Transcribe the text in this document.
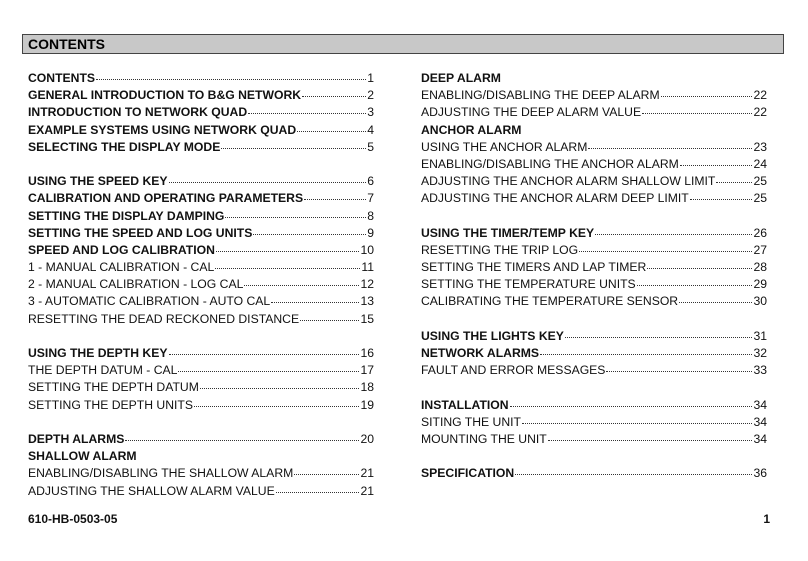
CONTENTS
CONTENTS	1
GENERAL INTRODUCTION TO B&G NETWORK	2
INTRODUCTION TO NETWORK QUAD	3
EXAMPLE SYSTEMS USING NETWORK QUAD	4
SELECTING THE DISPLAY MODE	5
USING THE SPEED KEY	6
CALIBRATION AND OPERATING PARAMETERS	7
SETTING THE DISPLAY DAMPING	8
SETTING THE SPEED AND LOG UNITS	9
SPEED AND LOG CALIBRATION	10
1 - MANUAL CALIBRATION - CAL	11
2 - MANUAL CALIBRATION - LOG CAL	12
3 - AUTOMATIC CALIBRATION - AUTO CAL	13
RESETTING THE DEAD RECKONED DISTANCE	15
USING THE DEPTH KEY	16
THE DEPTH DATUM - CAL	17
SETTING THE DEPTH DATUM	18
SETTING THE DEPTH UNITS	19
DEPTH ALARMS	20
SHALLOW ALARM
ENABLING/DISABLING THE SHALLOW ALARM	21
ADJUSTING THE SHALLOW ALARM VALUE	21
DEEP ALARM
ENABLING/DISABLING THE DEEP ALARM	22
ADJUSTING THE DEEP ALARM VALUE	22
ANCHOR ALARM
USING THE ANCHOR ALARM	23
ENABLING/DISABLING THE ANCHOR ALARM	24
ADJUSTING THE ANCHOR ALARM SHALLOW LIMIT	25
ADJUSTING THE ANCHOR ALARM DEEP LIMIT	25
USING THE TIMER/TEMP KEY	26
RESETTING THE TRIP LOG	27
SETTING THE TIMERS AND LAP TIMER	28
SETTING THE TEMPERATURE UNITS	29
CALIBRATING THE TEMPERATURE SENSOR	30
USING THE LIGHTS KEY	31
NETWORK ALARMS	32
FAULT AND ERROR MESSAGES	33
INSTALLATION	34
SITING THE UNIT	34
MOUNTING THE UNIT	34
SPECIFICATION	36
610-HB-0503-05	1
